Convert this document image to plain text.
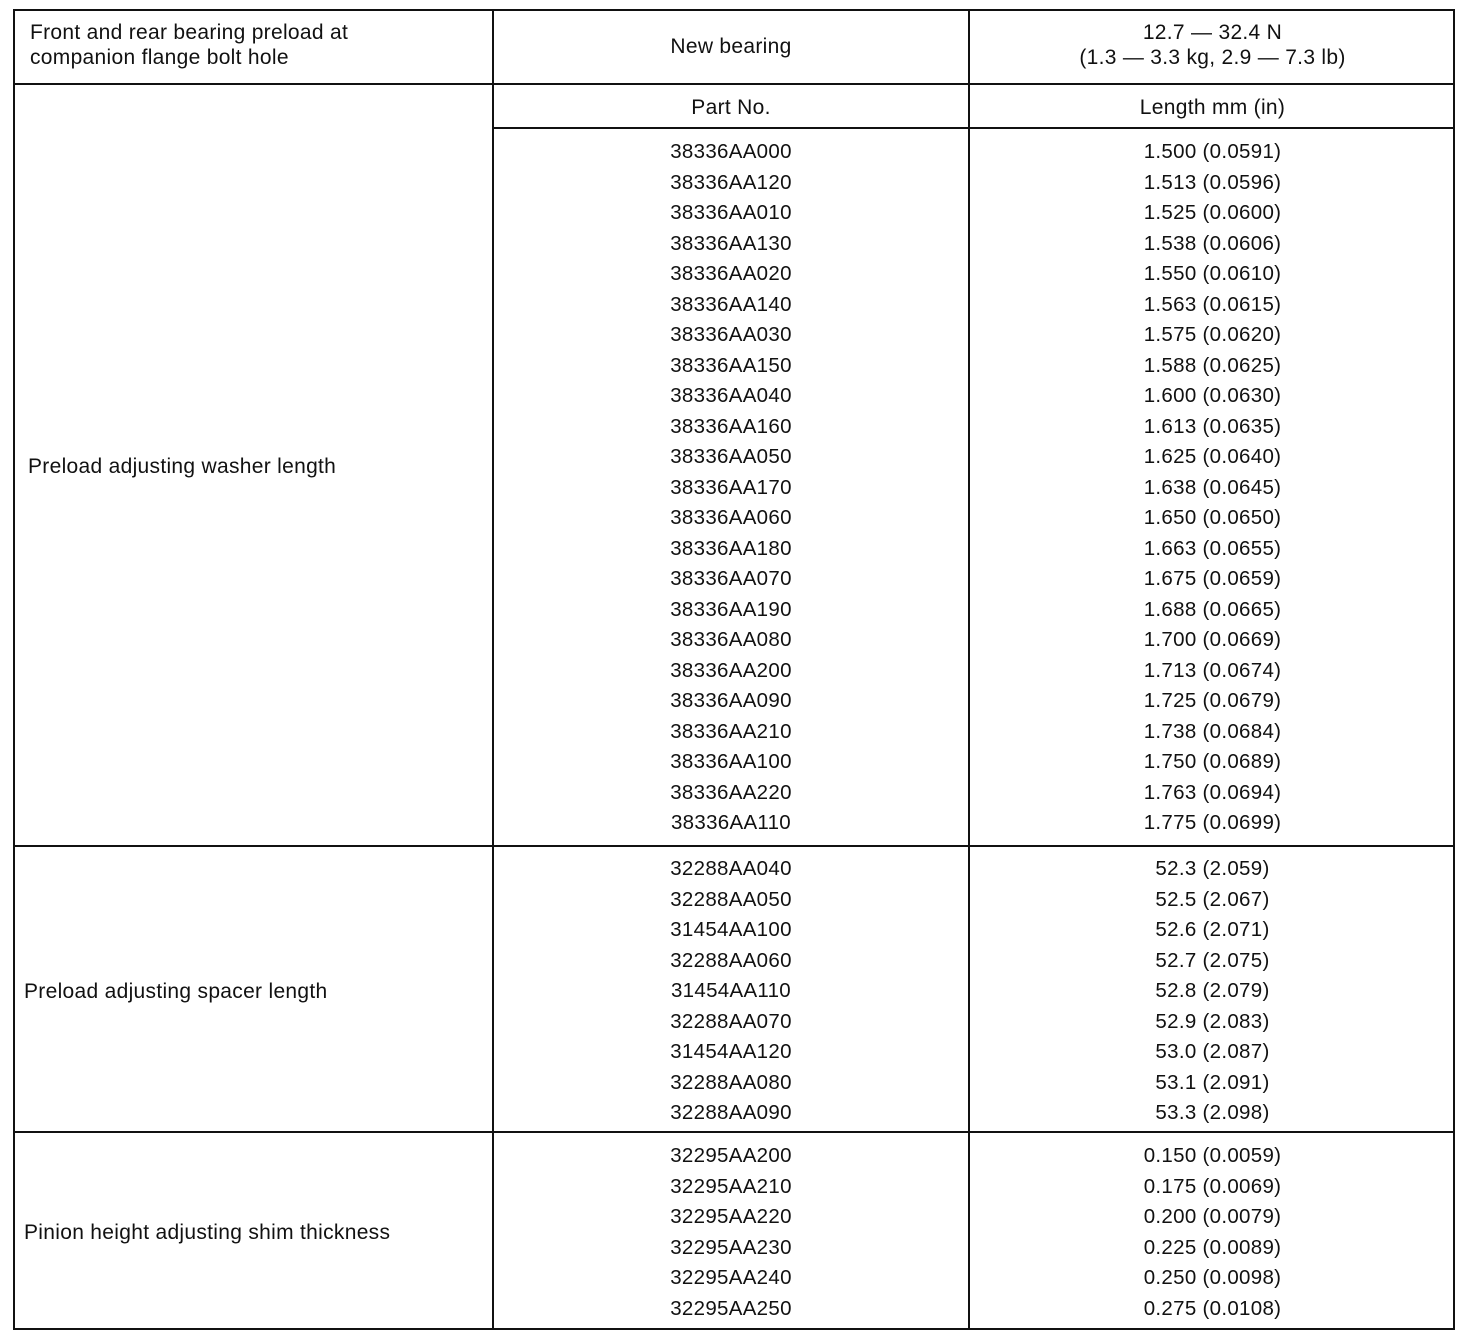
Front and rear bearing preload at
companion flange bolt hole	New bearing
12.7 — 32.4 N
(1.3 — 3.3 kg, 2.9 — 7.3 lb)
Part No.	Length mm (in)
Preload adjusting washer length
Preload adjusting spacer length
Pinion height adjusting shim thickness
38336AA000
38336AA120
38336AA010
38336AA130
38336AA020
38336AA140
38336AA030
38336AA150
38336AA040
38336AA160
38336AA050
38336AA170
38336AA060
38336AA180
38336AA070
38336AA190
38336AA080
38336AA200
38336AA090
38336AA210
38336AA100
38336AA220
38336AA110
1.500 (0.0591)
1.513 (0.0596)
1.525 (0.0600)
1.538 (0.0606)
1.550 (0.0610)
1.563 (0.0615)
1.575 (0.0620)
1.588 (0.0625)
1.600 (0.0630)
1.613 (0.0635)
1.625 (0.0640)
1.638 (0.0645)
1.650 (0.0650)
1.663 (0.0655)
1.675 (0.0659)
1.688 (0.0665)
1.700 (0.0669)
1.713 (0.0674)
1.725 (0.0679)
1.738 (0.0684)
1.750 (0.0689)
1.763 (0.0694)
1.775 (0.0699)
32288AA040
32288AA050
31454AA100
32288AA060
31454AA110
32288AA070
31454AA120
32288AA080
32288AA090
52.3 (2.059)
52.5 (2.067)
52.6 (2.071)
52.7 (2.075)
52.8 (2.079)
52.9 (2.083)
53.0 (2.087)
53.1 (2.091)
53.3 (2.098)
32295AA200
32295AA210
32295AA220
32295AA230
32295AA240
32295AA250
0.150 (0.0059)
0.175 (0.0069)
0.200 (0.0079)
0.225 (0.0089)
0.250 (0.0098)
0.275 (0.0108)
